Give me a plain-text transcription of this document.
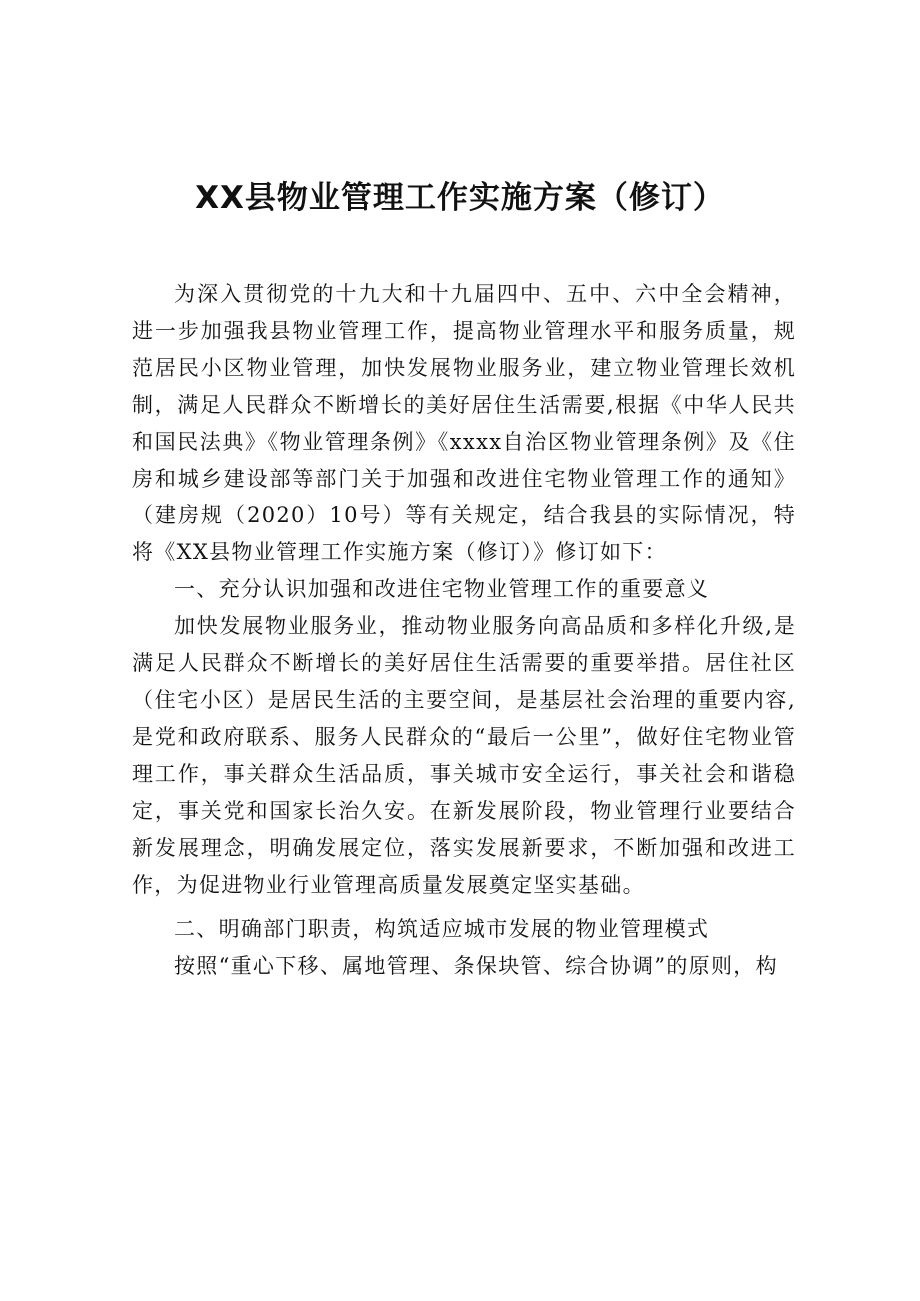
XX县物业管理工作实施方案（修订）

为深入贯彻党的十九大和十九届四中、五中、六中全会精神，进一步加强我县物业管理工作，提高物业管理水平和服务质量，规范居民小区物业管理，加快发展物业服务业，建立物业管理长效机制，满足人民群众不断增长的美好居住生活需要,根据《中华人民共和国民法典》《物业管理条例》《xxxx自治区物业管理条例》及《住房和城乡建设部等部门关于加强和改进住宅物业管理工作的通知》（建房规（2020）10号）等有关规定，结合我县的实际情况，特将《XX县物业管理工作实施方案（修订）》修订如下：

一、充分认识加强和改进住宅物业管理工作的重要意义

加快发展物业服务业，推动物业服务向高品质和多样化升级,是满足人民群众不断增长的美好居住生活需要的重要举措。居住社区（住宅小区）是居民生活的主要空间，是基层社会治理的重要内容,是党和政府联系、服务人民群众的“最后一公里”，做好住宅物业管理工作，事关群众生活品质，事关城市安全运行，事关社会和谐稳定，事关党和国家长治久安。在新发展阶段，物业管理行业要结合新发展理念，明确发展定位，落实发展新要求，不断加强和改进工作，为促进物业行业管理高质量发展奠定坚实基础。

二、明确部门职责，构筑适应城市发展的物业管理模式

按照“重心下移、属地管理、条保块管、综合协调”的原则，构
